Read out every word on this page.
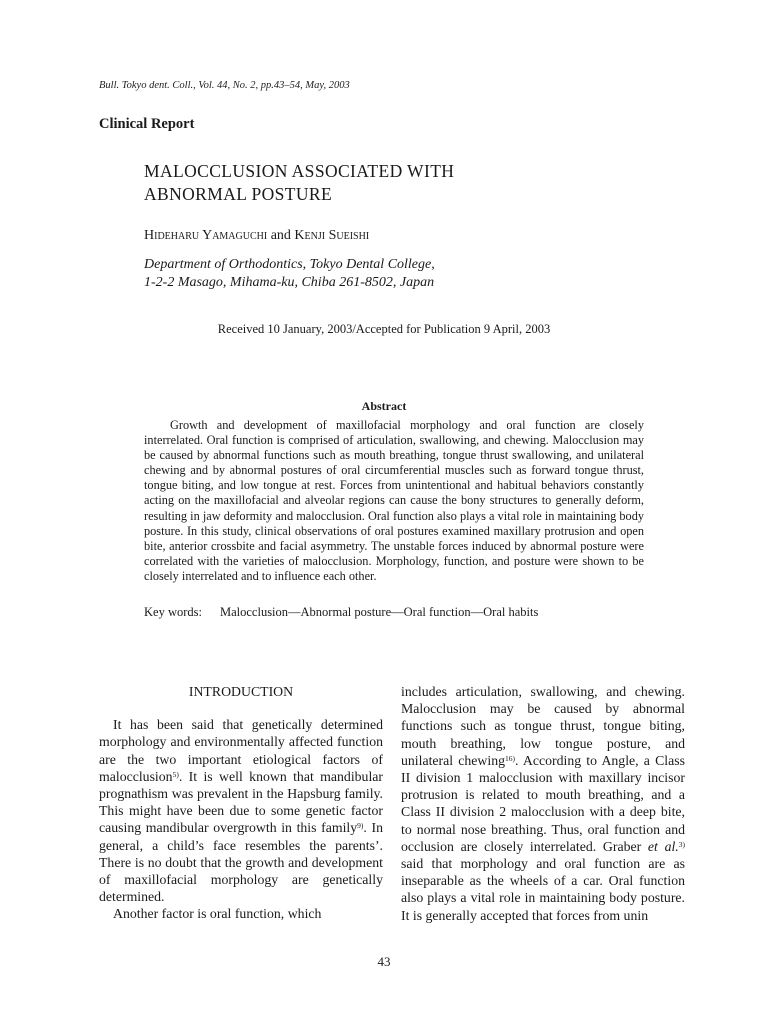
Bull. Tokyo dent. Coll., Vol. 44, No. 2, pp.43–54, May, 2003
Clinical Report
MALOCCLUSION ASSOCIATED WITH
ABNORMAL POSTURE
Hideharu Yamaguchi and Kenji Sueishi
Department of Orthodontics, Tokyo Dental College,
1-2-2 Masago, Mihama-ku, Chiba 261-8502, Japan
Received 10 January, 2003/Accepted for Publication 9 April, 2003
Abstract
Growth and development of maxillofacial morphology and oral function are closely interrelated. Oral function is comprised of articulation, swallowing, and chewing. Malocclusion may be caused by abnormal functions such as mouth breathing, tongue thrust swallowing, and unilateral chewing and by abnormal postures of oral circumferential muscles such as forward tongue thrust, tongue biting, and low tongue at rest. Forces from unintentional and habitual behaviors constantly acting on the maxillofacial and alveolar regions can cause the bony structures to generally deform, resulting in jaw deformity and malocclusion. Oral function also plays a vital role in maintaining body posture. In this study, clinical observations of oral postures examined maxillary protrusion and open bite, anterior crossbite and facial asymmetry. The unstable forces induced by abnormal posture were correlated with the varieties of malocclusion. Morphology, function, and posture were shown to be closely interrelated and to influence each other.
Key words: Malocclusion—Abnormal posture—Oral function—Oral habits
INTRODUCTION

It has been said that genetically determined morphology and environmentally affected function are the two important etiological factors of malocclusion$^{5)}$. It is well known that mandibular prognathism was prevalent in the Hapsburg family. This might have been due to some genetic factor causing mandibular overgrowth in this family$^{9)}$. In general, a child’s face resembles the parents’. There is no doubt that the growth and development of maxillofacial morphology are genetically determined.

Another factor is oral function, which

includes articulation, swallowing, and chewing. Malocclusion may be caused by abnormal functions such as tongue thrust, tongue biting, mouth breathing, low tongue posture, and unilateral chewing$^{16)}$. According to Angle, a Class II division 1 malocclusion with maxillary incisor protrusion is related to mouth breathing, and a Class II division 2 malocclusion with a deep bite, to normal nose breathing. Thus, oral function and occlusion are closely interrelated. Graber et al.$^{3)}$ said that morphology and oral function are as inseparable as the wheels of a car. Oral function also plays a vital role in maintaining body posture. It is generally accepted that forces from unin

43
